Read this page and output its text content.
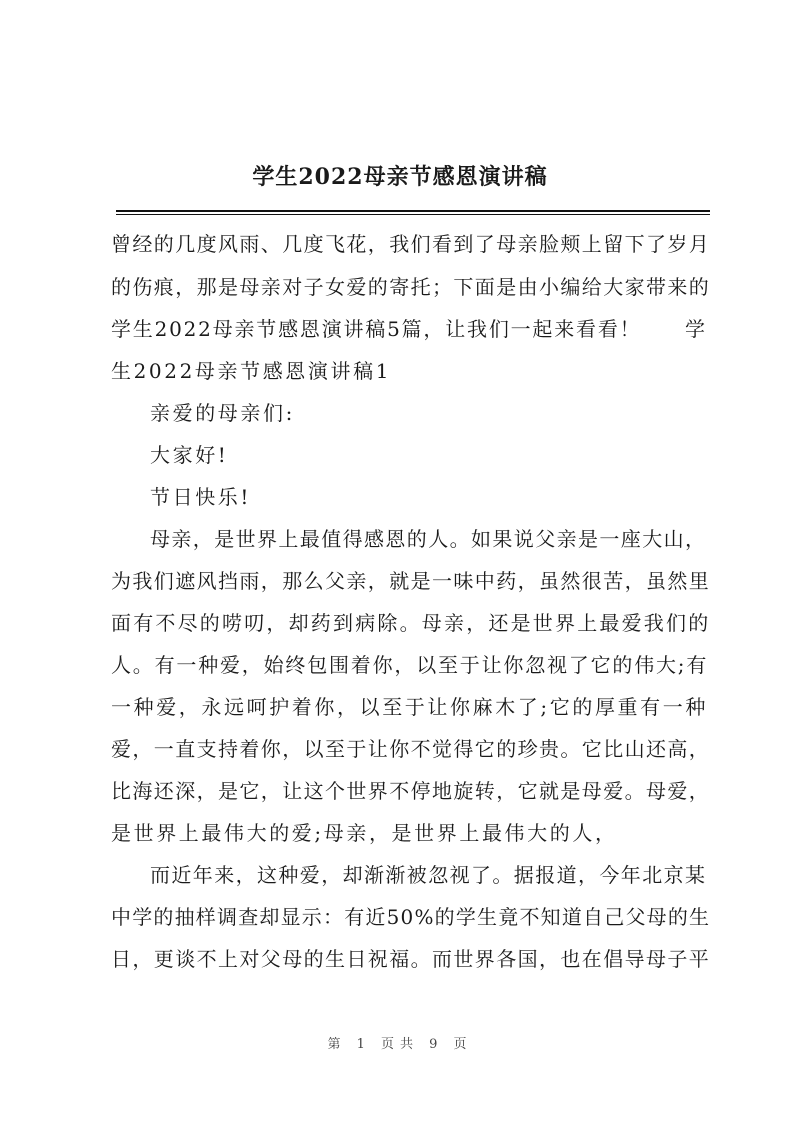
学生2022母亲节感恩演讲稿
曾经的几度风雨、几度飞花，我们看到了母亲脸颊上留下了岁月
的伤痕，那是母亲对子女爱的寄托；下面是由小编给大家带来的
学生2022母亲节感恩演讲稿5篇，让我们一起来看看！　　学
生2022母亲节感恩演讲稿1
亲爱的母亲们:
大家好!
节日快乐!
母亲，是世界上最值得感恩的人。如果说父亲是一座大山，
为我们遮风挡雨，那么父亲，就是一味中药，虽然很苦，虽然里
面有不尽的唠叨，却药到病除。母亲，还是世界上最爱我们的
人。有一种爱，始终包围着你，以至于让你忽视了它的伟大;有
一种爱，永远呵护着你，以至于让你麻木了;它的厚重有一种
爱，一直支持着你，以至于让你不觉得它的珍贵。它比山还高，
比海还深，是它，让这个世界不停地旋转，它就是母爱。母爱，
是世界上最伟大的爱;母亲，是世界上最伟大的人，
而近年来，这种爱，却渐渐被忽视了。据报道，今年北京某
中学的抽样调查却显示：有近50%的学生竟不知道自己父母的生
日，更谈不上对父母的生日祝福。而世界各国，也在倡导母子平
第 1 页共 9 页
